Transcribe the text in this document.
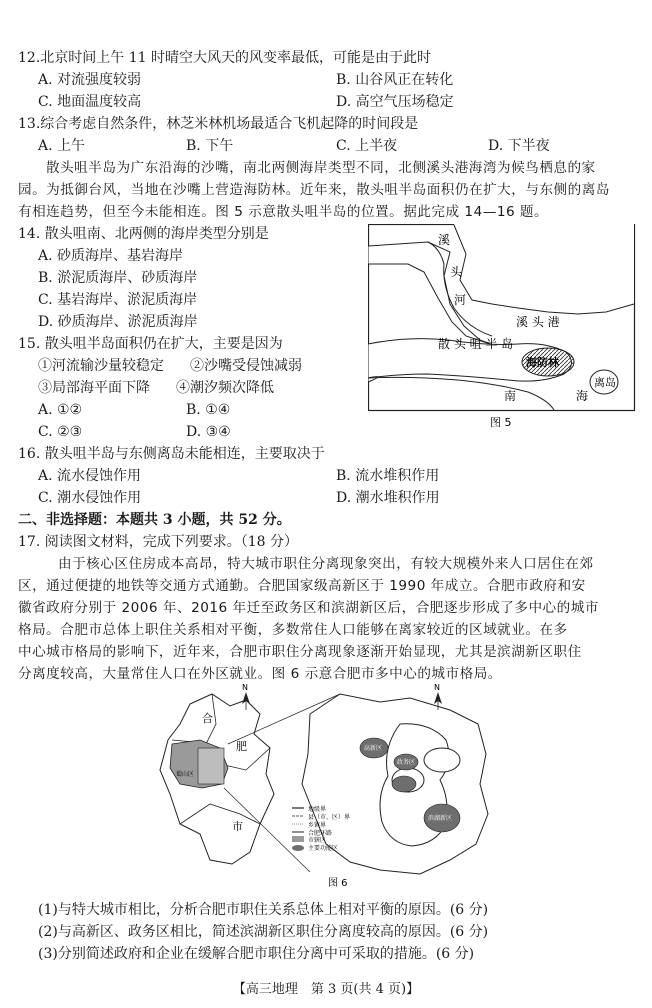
12.北京时间上午 11 时晴空大风天的风变率最低，可能是由于此时
A. 对流强度较弱	B. 山谷风正在转化
C. 地面温度较高	D. 高空气压场稳定
13.综合考虑自然条件，林芝米林机场最适合飞机起降的时间段是
A. 上午	B. 下午	C. 上半夜	D. 下半夜
散头咀半岛为广东沿海的沙嘴，南北两侧海岸类型不同，北侧溪头港海湾为候鸟栖息的家
园。为抵御台风，当地在沙嘴上营造海防林。近年来，散头咀半岛面积仍在扩大，与东侧的离岛
有相连趋势，但至今未能相连。图 5 示意散头咀半岛的位置。据此完成 14—16 题。
14. 散头咀南、北两侧的海岸类型分别是
A. 砂质海岸、基岩海岸
B. 淤泥质海岸、砂质海岸
C. 基岩海岸、淤泥质海岸
D. 砂质海岸、淤泥质海岸
15. 散头咀半岛面积仍在扩大，主要是因为
①河流输沙量较稳定 ②沙嘴受侵蚀减弱
③局部海平面下降 ④潮汐频次降低
A. ①②	B. ①④
C. ②③	D. ③④
溪
头
河
溪 头 港
散 头 咀 半 岛
海防林
离岛
南	海
图 5
16. 散头咀半岛与东侧离岛未能相连，主要取决于
A. 流水侵蚀作用	B. 流水堆积作用
C. 潮水侵蚀作用	D. 潮水堆积作用
二、非选择题：本题共 3 小题，共 52 分。
17. 阅读图文材料，完成下列要求。（18 分）
由于核心区住房成本高昂，特大城市职住分离现象突出，有较大规模外来人口居住在郊
区，通过便捷的地铁等交通方式通勤。合肥国家级高新区于 1990 年成立。合肥市政府和安
徽省政府分别于 2006 年、2016 年迁至政务区和滨湖新区后，合肥逐步形成了多中心的城市
格局。合肥市总体上职住关系相对平衡，多数常住人口能够在离家较近的区域就业。在多
中心城市格局的影响下，近年来，合肥市职住分离现象逐渐开始显现，尤其是滨湖新区职住
分离度较高，大量常住人口在外区就业。图 6 示意合肥市多中心的城市格局。
N	N
合
肥
市
蜀山区
高新区
政务区
滨湖新区
地级界
县（市、区）界
乡镇界
合肥环路
市辖区
主要功能区
图 6
(1)与特大城市相比，分析合肥市职住关系总体上相对平衡的原因。(6 分)
(2)与高新区、政务区相比，简述滨湖新区职住分离度较高的原因。(6 分)
(3)分别简述政府和企业在缓解合肥市职住分离中可采取的措施。(6 分)
【高三地理　第 3 页(共 4 页)】
